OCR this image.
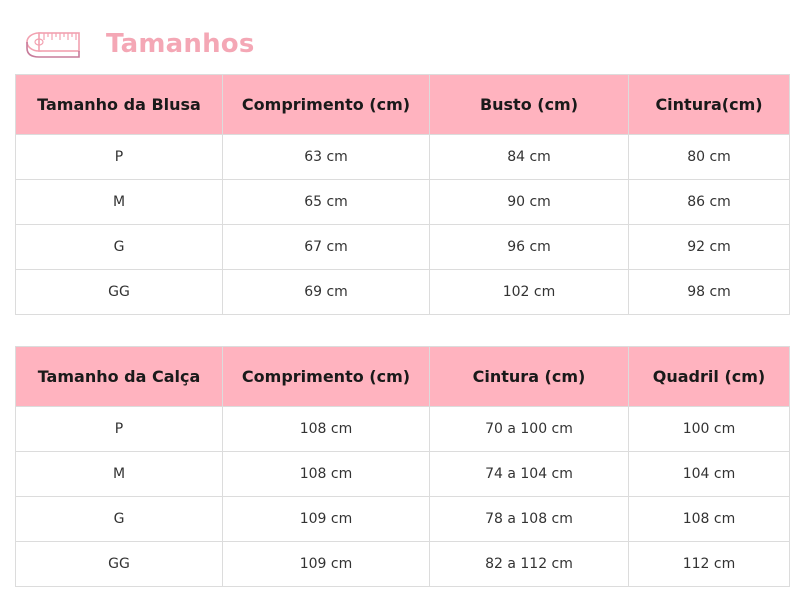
Tamanhos
Tamanho da Blusa	Comprimento (cm)	Busto (cm)	Cintura(cm)
P	63 cm	84 cm	80 cm
M	65 cm	90 cm	86 cm
G	67 cm	96 cm	92 cm
GG	69 cm	102 cm	98 cm
Tamanho da Calça	Comprimento (cm)	Cintura (cm)	Quadril (cm)
P	108 cm	70 a 100 cm	100 cm
M	108 cm	74 a 104 cm	104 cm
G	109 cm	78 a 108 cm	108 cm
GG	109 cm	82 a 112 cm	112 cm
